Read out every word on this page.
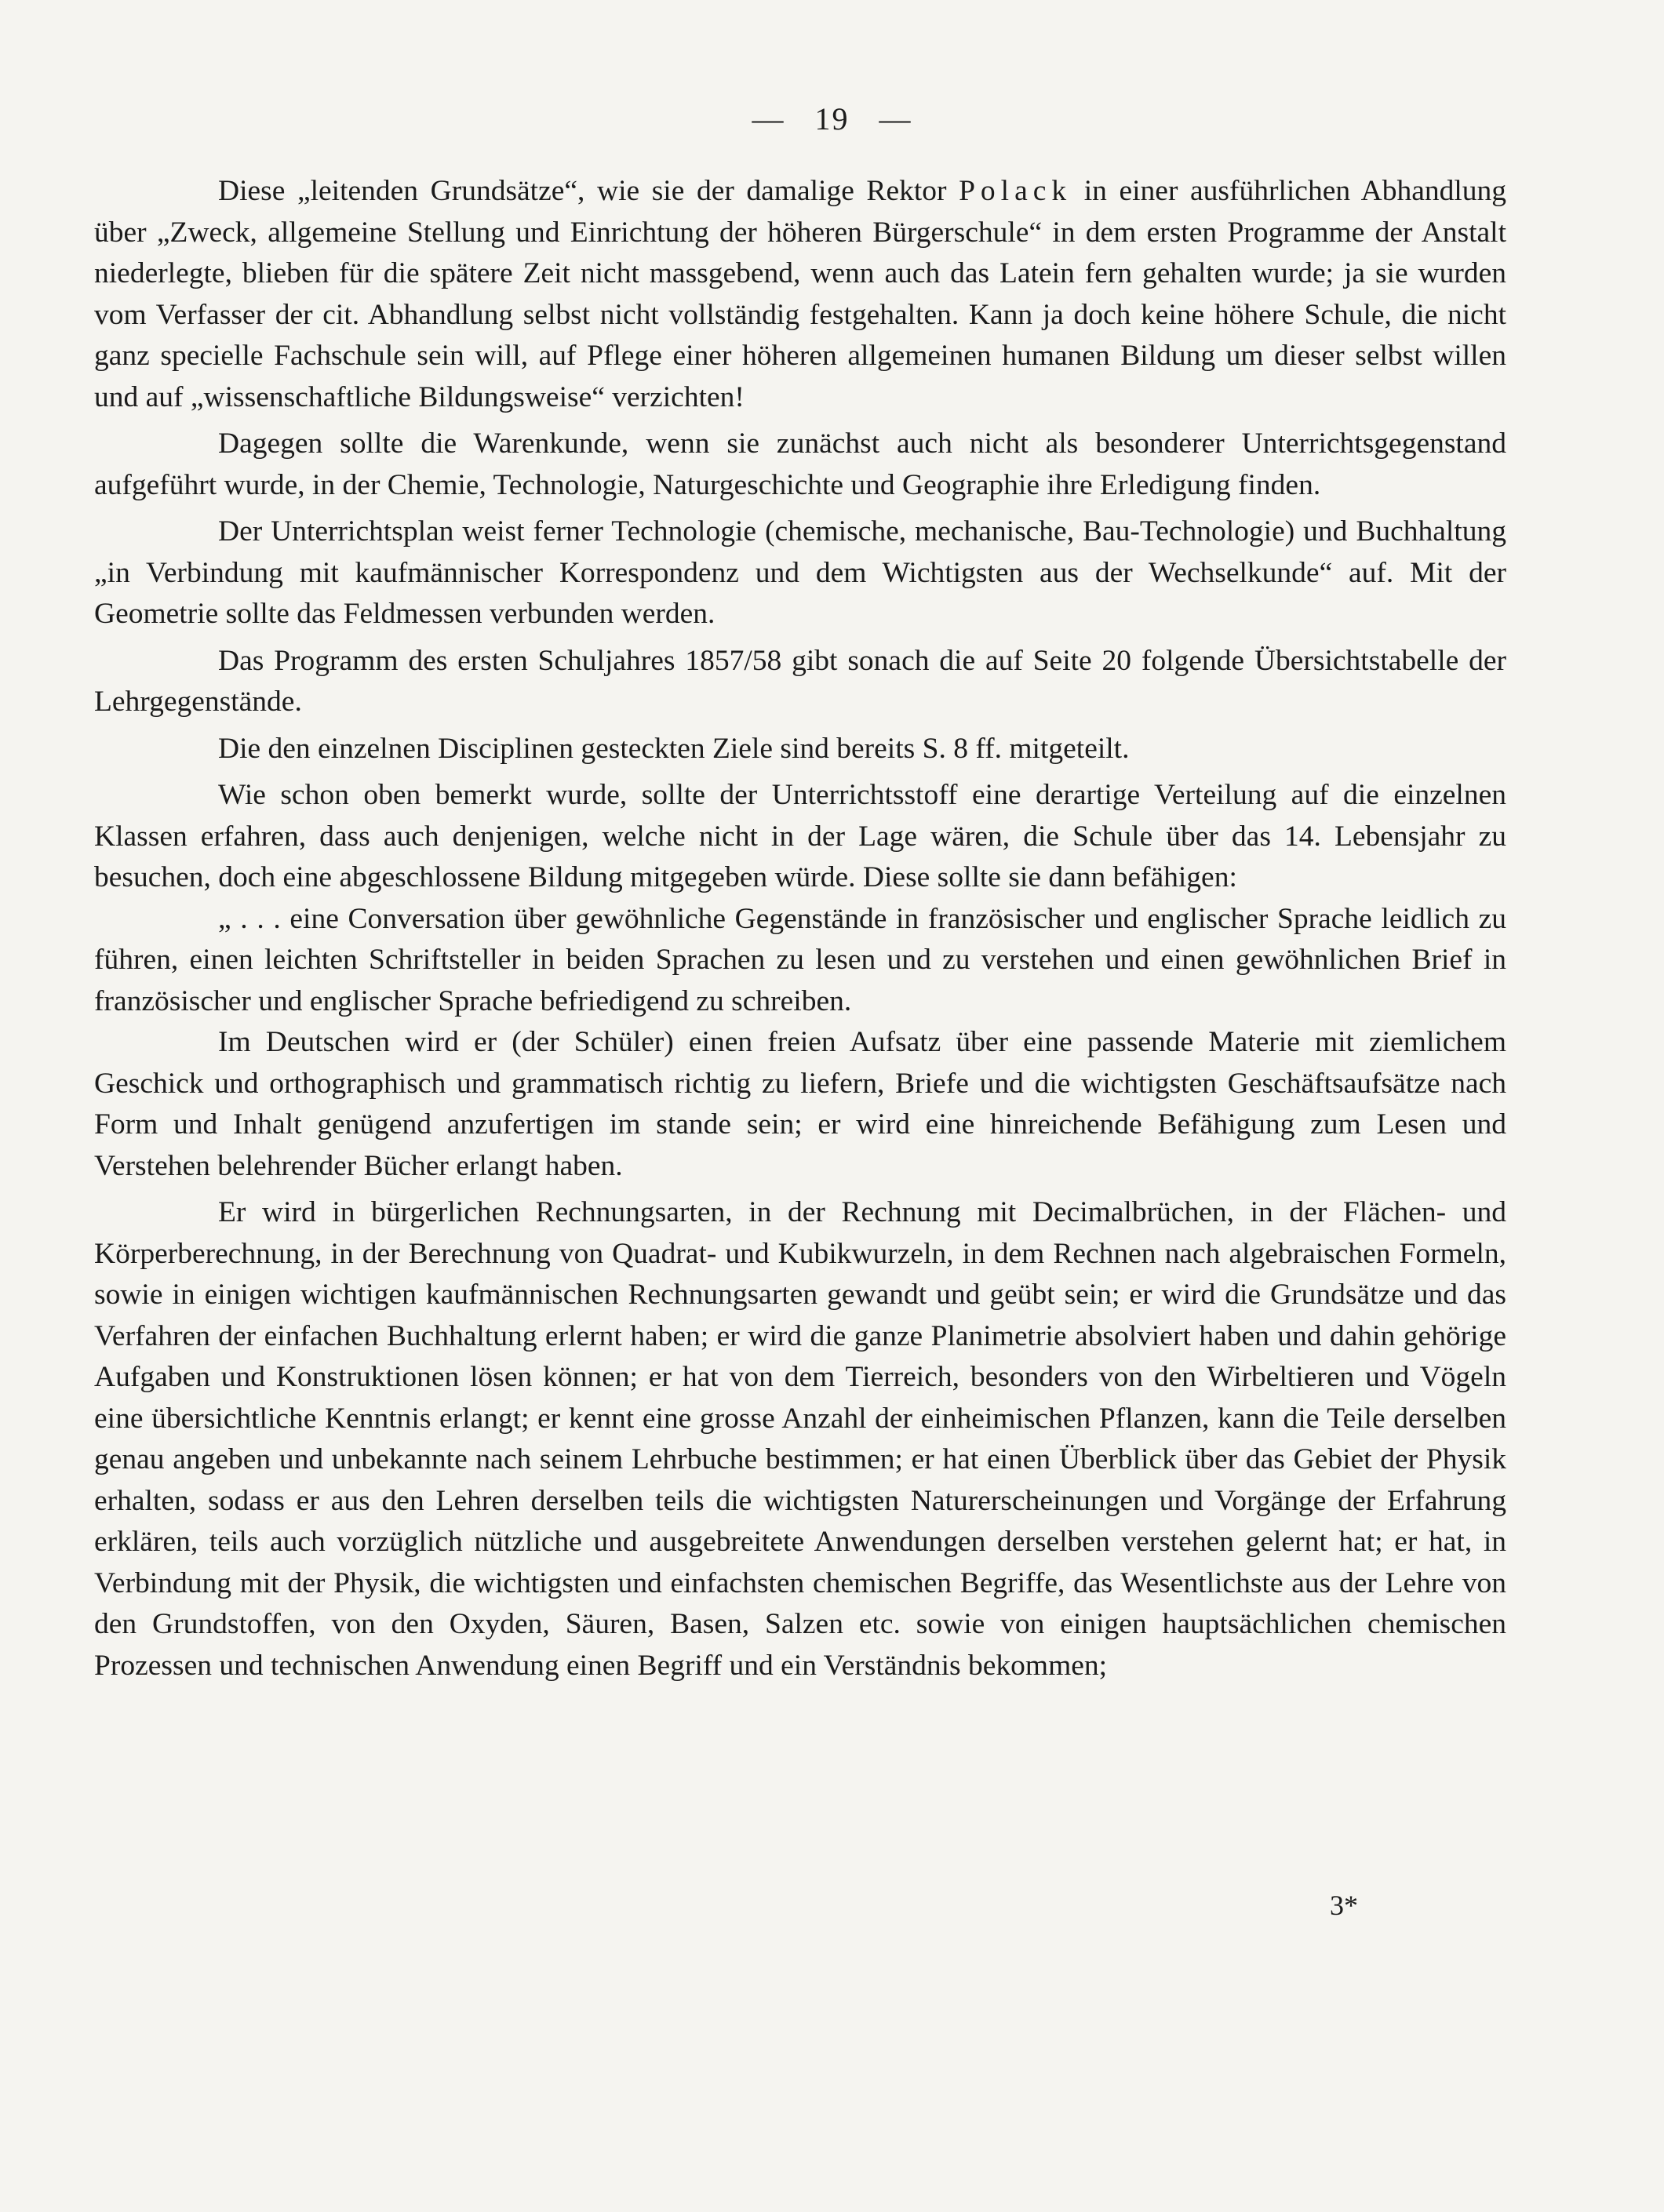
— 19 —

Diese „leitenden Grundsätze“, wie sie der damalige Rektor Polack in einer ausführlichen Abhandlung über „Zweck, allgemeine Stellung und Einrichtung der höheren Bürgerschule“ in dem ersten Programme der Anstalt niederlegte, blieben für die spätere Zeit nicht massgebend, wenn auch das Latein fern gehalten wurde; ja sie wurden vom Verfasser der cit. Abhandlung selbst nicht vollständig festgehalten. Kann ja doch keine höhere Schule, die nicht ganz specielle Fachschule sein will, auf Pflege einer höheren allgemeinen humanen Bildung um dieser selbst willen und auf „wissenschaftliche Bildungsweise“ verzichten!

Dagegen sollte die Warenkunde, wenn sie zunächst auch nicht als besonderer Unterrichtsgegenstand aufgeführt wurde, in der Chemie, Technologie, Naturgeschichte und Geographie ihre Erledigung finden.

Der Unterrichtsplan weist ferner Technologie (chemische, mechanische, Bau-Technologie) und Buchhaltung „in Verbindung mit kaufmännischer Korrespondenz und dem Wichtigsten aus der Wechselkunde“ auf. Mit der Geometrie sollte das Feldmessen verbunden werden.

Das Programm des ersten Schuljahres 1857/58 gibt sonach die auf Seite 20 folgende Übersichtstabelle der Lehrgegenstände.

Die den einzelnen Disciplinen gesteckten Ziele sind bereits S. 8 ff. mitgeteilt.

Wie schon oben bemerkt wurde, sollte der Unterrichtsstoff eine derartige Verteilung auf die einzelnen Klassen erfahren, dass auch denjenigen, welche nicht in der Lage wären, die Schule über das 14. Lebensjahr zu besuchen, doch eine abgeschlossene Bildung mitgegeben würde. Diese sollte sie dann befähigen:

„ . . . eine Conversation über gewöhnliche Gegenstände in französischer und englischer Sprache leidlich zu führen, einen leichten Schriftsteller in beiden Sprachen zu lesen und zu verstehen und einen gewöhnlichen Brief in französischer und englischer Sprache befriedigend zu schreiben.

Im Deutschen wird er (der Schüler) einen freien Aufsatz über eine passende Materie mit ziemlichem Geschick und orthographisch und grammatisch richtig zu liefern, Briefe und die wichtigsten Geschäftsaufsätze nach Form und Inhalt genügend anzufertigen im stande sein; er wird eine hinreichende Befähigung zum Lesen und Verstehen belehrender Bücher erlangt haben.

Er wird in bürgerlichen Rechnungsarten, in der Rechnung mit Decimalbrüchen, in der Flächen- und Körperberechnung, in der Berechnung von Quadrat- und Kubikwurzeln, in dem Rechnen nach algebraischen Formeln, sowie in einigen wichtigen kaufmännischen Rechnungsarten gewandt und geübt sein; er wird die Grundsätze und das Verfahren der einfachen Buchhaltung erlernt haben; er wird die ganze Planimetrie absolviert haben und dahin gehörige Aufgaben und Konstruktionen lösen können; er hat von dem Tierreich, besonders von den Wirbeltieren und Vögeln eine übersichtliche Kenntnis erlangt; er kennt eine grosse Anzahl der einheimischen Pflanzen, kann die Teile derselben genau angeben und unbekannte nach seinem Lehrbuche bestimmen; er hat einen Überblick über das Gebiet der Physik erhalten, sodass er aus den Lehren derselben teils die wichtigsten Naturerscheinungen und Vorgänge der Erfahrung erklären, teils auch vorzüglich nützliche und ausgebreitete Anwendungen derselben verstehen gelernt hat; er hat, in Verbindung mit der Physik, die wichtigsten und einfachsten chemischen Begriffe, das Wesentlichste aus der Lehre von den Grundstoffen, von den Oxyden, Säuren, Basen, Salzen etc. sowie von einigen hauptsächlichen chemischen Prozessen und technischen Anwendung einen Begriff und ein Verständnis bekommen;

3*
